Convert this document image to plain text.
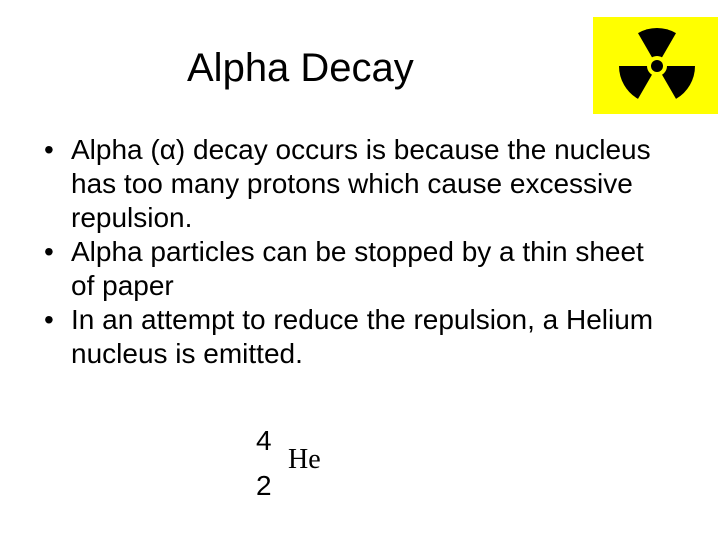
Alpha Decay
• Alpha (α) decay occurs is because the nucleus has too many protons which cause excessive repulsion.
• Alpha particles can be stopped by a thin sheet of paper
• In an attempt to reduce the repulsion, a Helium nucleus is emitted.
4
He
2
